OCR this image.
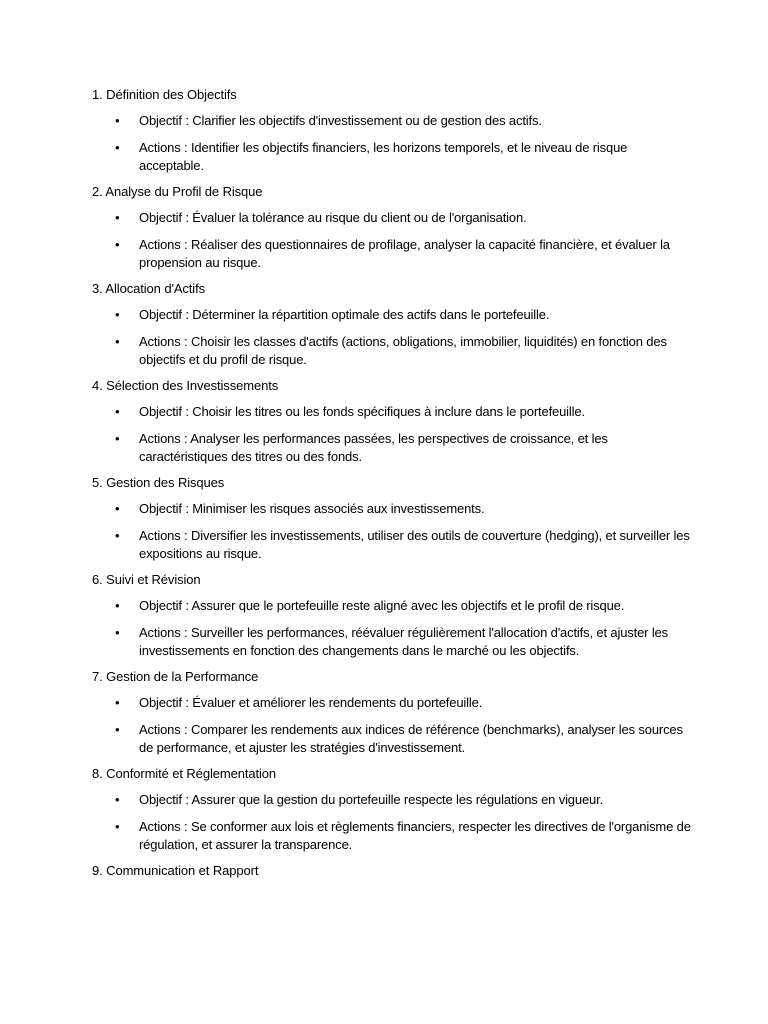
1. Définition des Objectifs
• Objectif : Clarifier les objectifs d'investissement ou de gestion des actifs.
• Actions : Identifier les objectifs financiers, les horizons temporels, et le niveau de risque acceptable.
2. Analyse du Profil de Risque
• Objectif : Évaluer la tolérance au risque du client ou de l'organisation.
• Actions : Réaliser des questionnaires de profilage, analyser la capacité financière, et évaluer la propension au risque.
3. Allocation d'Actifs
• Objectif : Déterminer la répartition optimale des actifs dans le portefeuille.
• Actions : Choisir les classes d'actifs (actions, obligations, immobilier, liquidités) en fonction des objectifs et du profil de risque.
4. Sélection des Investissements
• Objectif : Choisir les titres ou les fonds spécifiques à inclure dans le portefeuille.
• Actions : Analyser les performances passées, les perspectives de croissance, et les caractéristiques des titres ou des fonds.
5. Gestion des Risques
• Objectif : Minimiser les risques associés aux investissements.
• Actions : Diversifier les investissements, utiliser des outils de couverture (hedging), et surveiller les expositions au risque.
6. Suivi et Révision
• Objectif : Assurer que le portefeuille reste aligné avec les objectifs et le profil de risque.
• Actions : Surveiller les performances, réévaluer régulièrement l'allocation d'actifs, et ajuster les investissements en fonction des changements dans le marché ou les objectifs.
7. Gestion de la Performance
• Objectif : Évaluer et améliorer les rendements du portefeuille.
• Actions : Comparer les rendements aux indices de référence (benchmarks), analyser les sources de performance, et ajuster les stratégies d'investissement.
8. Conformité et Réglementation
• Objectif : Assurer que la gestion du portefeuille respecte les régulations en vigueur.
• Actions : Se conformer aux lois et règlements financiers, respecter les directives de l'organisme de régulation, et assurer la transparence.
9. Communication et Rapport
